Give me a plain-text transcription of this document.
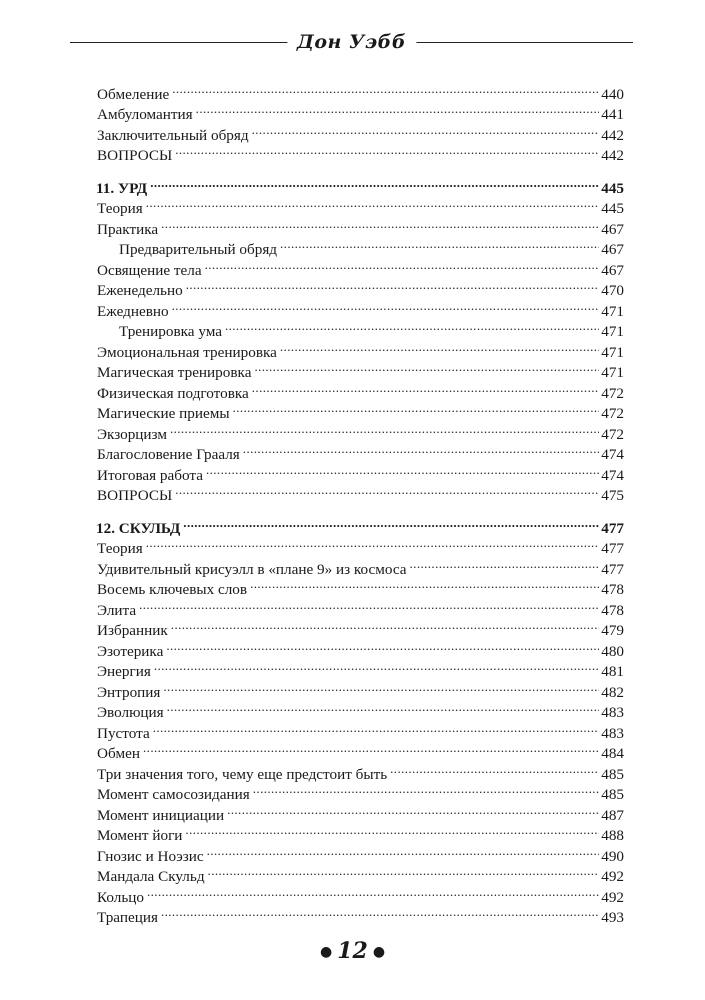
Дон Уэбб
Обмеление .....	440
Амбуломантия .....	441
Заключительный обряд .....	442
ВОПРОСЫ .....	442
11. УРД .....	445
Теория .....	445
Практика .....	467
Предварительный обряд .....	467
Освящение тела .....	467
Еженедельно .....	470
Ежедневно .....	471
Тренировка ума .....	471
Эмоциональная тренировка .....	471
Магическая тренировка .....	471
Физическая подготовка .....	472
Магические приемы .....	472
Экзорцизм .....	472
Благословение Грааля .....	474
Итоговая работа .....	474
ВОПРОСЫ .....	475
12. СКУЛЬД .....	477
Теория .....	477
Удивительный крисуэлл в «плане 9» из космоса .....	477
Восемь ключевых слов .....	478
Элита .....	478
Избранник .....	479
Эзотерика .....	480
Энергия .....	481
Энтропия .....	482
Эволюция .....	483
Пустота .....	483
Обмен .....	484
Три значения того, чему еще предстоит быть .....	485
Момент самосозидания .....	485
Момент инициации .....	487
Момент йоги .....	488
Гнозис и Ноэзис .....	490
Мандала Скульд .....	492
Кольцо .....	492
Трапеция .....	493
● 12 ●
